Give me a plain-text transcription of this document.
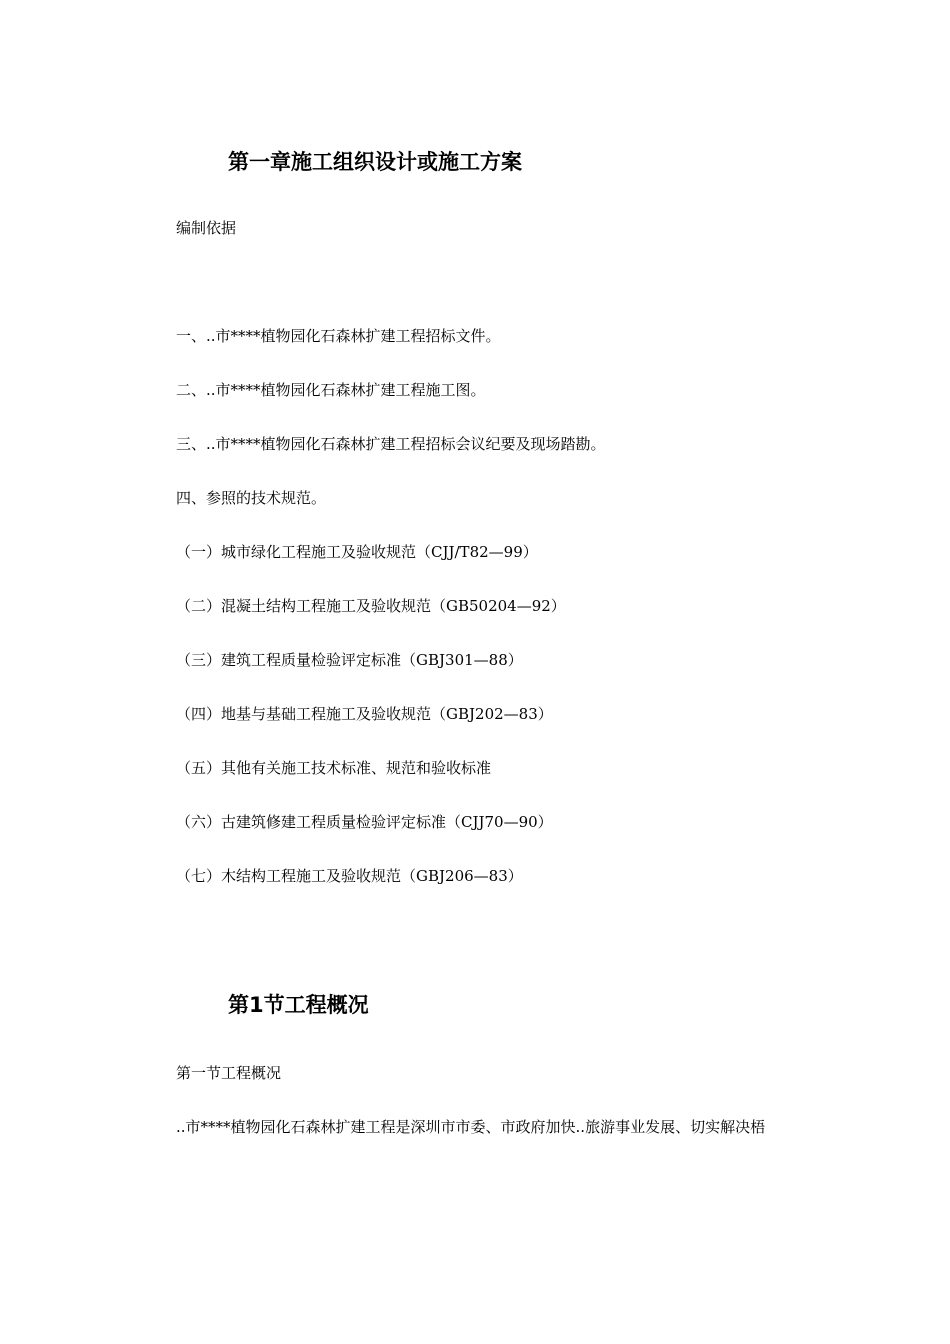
第一章施工组织设计或施工方案
编制依据
一、..市****植物园化石森林扩建工程招标文件。
二、..市****植物园化石森林扩建工程施工图。
三、..市****植物园化石森林扩建工程招标会议纪要及现场踏勘。
四、参照的技术规范。
（一）城市绿化工程施工及验收规范（CJJ/T82—99）
（二）混凝土结构工程施工及验收规范（GB50204—92）
（三）建筑工程质量检验评定标准（GBJ301—88）
（四）地基与基础工程施工及验收规范（GBJ202—83）
（五）其他有关施工技术标准、规范和验收标准
（六）古建筑修建工程质量检验评定标准（CJJ70—90）
（七）木结构工程施工及验收规范（GBJ206—83）
第1节工程概况
第一节工程概况
..市****植物园化石森林扩建工程是深圳市市委、市政府加快..旅游事业发展、切实解决梧
